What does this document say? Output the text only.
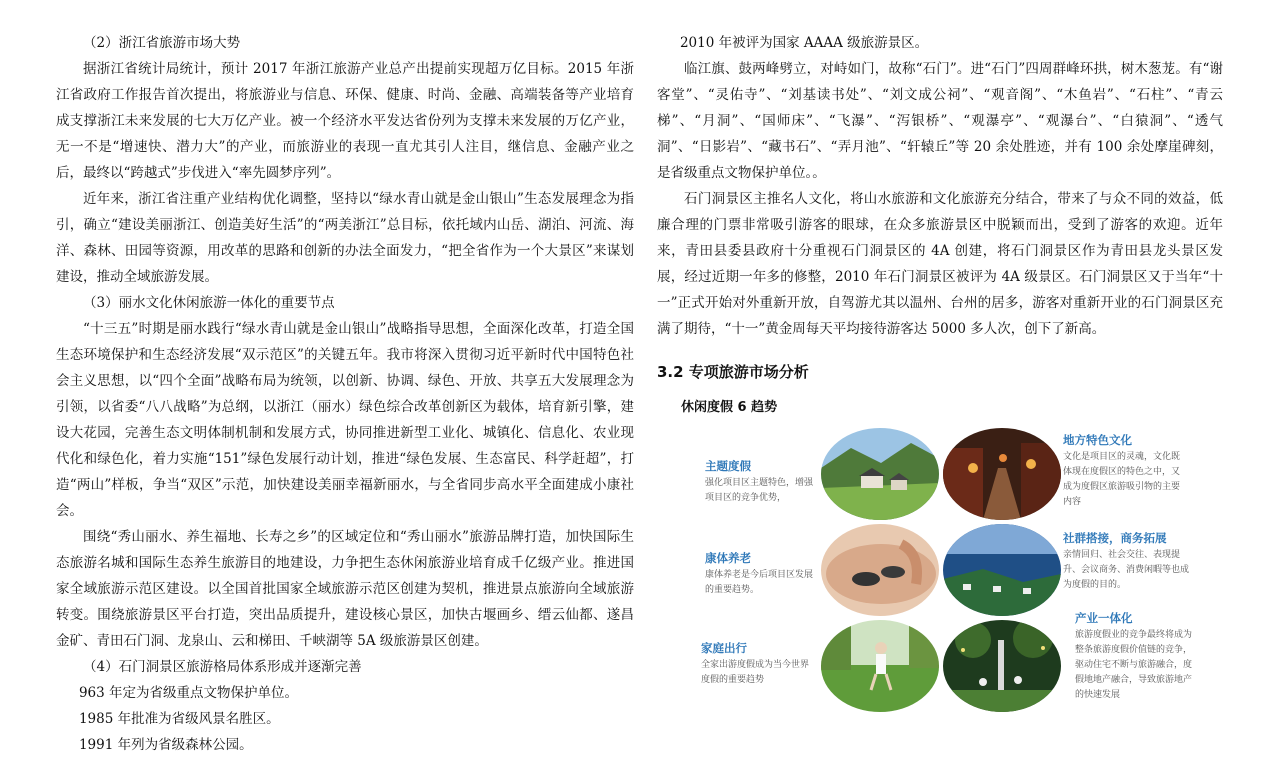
（2）浙江省旅游市场大势

据浙江省统计局统计，预计 2017 年浙江旅游产业总产出提前实现超万亿目标。2015 年浙江省政府工作报告首次提出，将旅游业与信息、环保、健康、时尚、金融、高端装备等产业培育成支撑浙江未来发展的七大万亿产业。被一个经济水平发达省份列为支撑未来发展的万亿产业，无一不是“增速快、潜力大”的产业，而旅游业的表现一直尤其引人注目，继信息、金融产业之后，最终以“跨越式”步伐进入“率先圆梦序列”。

近年来，浙江省注重产业结构优化调整，坚持以“绿水青山就是金山银山”生态发展理念为指引，确立“建设美丽浙江、创造美好生活”的“两美浙江”总目标，依托域内山岳、湖泊、河流、海洋、森林、田园等资源，用改革的思路和创新的办法全面发力，“把全省作为一个大景区”来谋划建设，推动全域旅游发展。

（3）丽水文化休闲旅游一体化的重要节点

“十三五”时期是丽水践行“绿水青山就是金山银山”战略指导思想，全面深化改革，打造全国生态环境保护和生态经济发展“双示范区”的关键五年。我市将深入贯彻习近平新时代中国特色社会主义思想，以“四个全面”战略布局为统领，以创新、协调、绿色、开放、共享五大发展理念为引领，以省委“八八战略”为总纲，以浙江（丽水）绿色综合改革创新区为载体，培育新引擎，建设大花园，完善生态文明体制机制和发展方式，协同推进新型工业化、城镇化、信息化、农业现代化和绿色化，着力实施“151”绿色发展行动计划，推进“绿色发展、生态富民、科学赶超”，打造“两山”样板，争当“双区”示范，加快建设美丽幸福新丽水，与全省同步高水平全面建成小康社会。

围绕“秀山丽水、养生福地、长寿之乡”的区域定位和“秀山丽水”旅游品牌打造，加快国际生态旅游名城和国际生态养生旅游目的地建设，力争把生态休闲旅游业培育成千亿级产业。推进国家全域旅游示范区建设。以全国首批国家全域旅游示范区创建为契机，推进景点旅游向全域旅游转变。围绕旅游景区平台打造，突出品质提升，建设核心景区，加快古堰画乡、缙云仙都、遂昌金矿、青田石门洞、龙泉山、云和梯田、千峡湖等 5A 级旅游景区创建。

（4）石门洞景区旅游格局体系形成并逐渐完善

963 年定为省级重点文物保护单位。

1985 年批准为省级风景名胜区。

1991 年列为省级森林公园。

2010 年被评为国家 AAAA 级旅游景区。

临江旗、鼓两峰劈立，对峙如门，故称“石门”。进“石门”四周群峰环拱，树木葱茏。有“谢客堂”、“灵佑寺”、“刘基读书处”、“刘文成公祠”、“观音阁”、“木鱼岩”、“石柱”、“青云梯”、“月洞”、“国师床”、“飞瀑”、“泻银桥”、“观瀑亭”、“观瀑台”、“白猿洞”、“透气洞”、“日影岩”、“藏书石”、“弄月池”、“轩辕丘”等 20 余处胜迹，并有 100 余处摩崖碑刻，是省级重点文物保护单位。。

石门洞景区主推名人文化，将山水旅游和文化旅游充分结合，带来了与众不同的效益，低廉合理的门票非常吸引游客的眼球，在众多旅游景区中脱颖而出，受到了游客的欢迎。近年来，青田县委县政府十分重视石门洞景区的 4A 创建，将石门洞景区作为青田县龙头景区发展，经过近期一年多的修整，2010 年石门洞景区被评为 4A 级景区。石门洞景区又于当年“十一”正式开始对外重新开放，自驾游尤其以温州、台州的居多，游客对重新开业的石门洞景区充满了期待，“十一”黄金周每天平均接待游客达 5000 多人次，创下了新高。

3.2 专项旅游市场分析
休闲度假 6 趋势
主题度假
强化项目区主题特色，增强项目区的竞争优势，
地方特色文化
文化是项目区的灵魂，文化既体现在度假区的特色之中，又成为度假区旅游吸引物的主要内容
康体养老
康体养老是今后项目区发展的重要趋势。
社群搭接，商务拓展
亲情回归、社会交往、表现提升、会议商务、消费闲暇等也成为度假的目的。
家庭出行
全家出游度假成为当今世界度假的重要趋势
产业一体化
旅游度假业的竞争最终将成为整条旅游度假价值链的竞争，驱动住宅不断与旅游融合，度假地地产融合，导致旅游地产的快速发展
